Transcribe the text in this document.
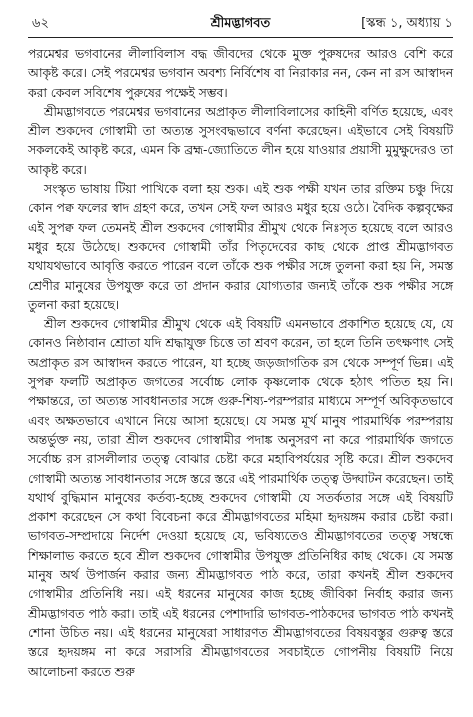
৬২	শ্রীমদ্ভাগবত	[স্কন্ধ ১, অধ্যায় ১

পরমেশ্বর ভগবানের লীলাবিলাস বদ্ধ জীবদের থেকে মুক্ত পুরুষদের আরও বেশি করে আকৃষ্ট করে। সেই পরমেশ্বর ভগবান অবশ্য নির্বিশেষ বা নিরাকার নন, কেন না রস আস্বাদন করা কেবল সবিশেষ পুরুষের পক্ষেই সম্ভব।

শ্রীমদ্ভাগবতে পরমেশ্বর ভগবানের অপ্রাকৃত লীলাবিলাসের কাহিনী বর্ণিত হয়েছে, এবং শ্রীল শুকদেব গোস্বামী তা অত্যন্ত সুসংবদ্ধভাবে বর্ণনা করেছেন। এইভাবে সেই বিষয়টি সকলকেই আকৃষ্ট করে, এমন কি ব্রহ্ম-জ্যোতিতে লীন হয়ে যাওয়ার প্রয়াসী মুমুক্ষুদেরও তা আকৃষ্ট করে।

সংস্কৃত ভাষায় টিয়া পাখিকে বলা হয় শুক। এই শুক পক্ষী যখন তার রক্তিম চঞ্চু দিয়ে কোন পক্ব ফলের স্বাদ গ্রহণ করে, তখন সেই ফল আরও মধুর হয়ে ওঠে। বৈদিক কল্পবৃক্ষের এই সুপক্ব ফল তেমনই শ্রীল শুকদেব গোস্বামীর শ্রীমুখ থেকে নিঃসৃত হয়েছে বলে আরও মধুর হয়ে উঠেছে। শুকদেব গোস্বামী তাঁর পিতৃদেবের কাছ থেকে প্রাপ্ত শ্রীমদ্ভাগবত যথাযথভাবে আবৃত্তি করতে পারেন বলে তাঁকে শুক পক্ষীর সঙ্গে তুলনা করা হয় নি, সমস্ত শ্রেণীর মানুষের উপযুক্ত করে তা প্রদান করার যোগ্যতার জন্যই তাঁকে শুক পক্ষীর সঙ্গে তুলনা করা হয়েছে।

শ্রীল শুকদেব গোস্বামীর শ্রীমুখ থেকে এই বিষয়টি এমনভাবে প্রকাশিত হয়েছে যে, যে কোনও নিষ্ঠাবান শ্রোতা যদি শ্রদ্ধাযুক্ত চিত্তে তা শ্রবণ করেন, তা হলে তিনি তৎক্ষণাৎ সেই অপ্রাকৃত রস আস্বাদন করতে পারেন, যা হচ্ছে জড়জাগতিক রস থেকে সম্পূর্ণ ভিন্ন। এই সুপক্ব ফলটি অপ্রাকৃত জগতের সর্বোচ্চ লোক কৃষ্ণলোক থেকে হঠাৎ পতিত হয় নি। পক্ষান্তরে, তা অত্যন্ত সাবধানতার সঙ্গে গুরু-শিষ্য-পরম্পরার মাধ্যমে সম্পূর্ণ অবিকৃতভাবে এবং অক্ষতভাবে এখানে নিয়ে আসা হয়েছে। যে সমস্ত মূর্খ মানুষ পারমার্থিক পরম্পরায় অন্তর্ভুক্ত নয়, তারা শ্রীল শুকদেব গোস্বামীর পদাঙ্ক অনুসরণ না করে পারমার্থিক জগতে সর্বোচ্চ রস রাসলীলার তত্ত্ব বোঝার চেষ্টা করে মহাবিপর্যয়ের সৃষ্টি করে। শ্রীল শুকদেব গোস্বামী অত্যন্ত সাবধানতার সঙ্গে স্তরে স্তরে এই পারমার্থিক তত্ত্ব উদ্ঘাটন করেছেন। তাই যথার্থ বুদ্ধিমান মানুষের কর্তব্য-হচ্ছে শুকদেব গোস্বামী যে সতর্কতার সঙ্গে এই বিষয়টি প্রকাশ করেছেন সে কথা বিবেচনা করে শ্রীমদ্ভাগবতের মহিমা হৃদয়ঙ্গম করার চেষ্টা করা। ভাগবত-সম্প্রদায়ে নির্দেশ দেওয়া হয়েছে যে, ভবিষ্যতেও শ্রীমদ্ভাগবতের তত্ত্ব সম্বন্ধে শিক্ষালাভ করতে হবে শ্রীল শুকদেব গোস্বামীর উপযুক্ত প্রতিনিধির কাছ থেকে। যে সমস্ত মানুষ অর্থ উপার্জন করার জন্য শ্রীমদ্ভাগবত পাঠ করে, তারা কখনই শ্রীল শুকদেব গোস্বামীর প্রতিনিধি নয়। এই ধরনের মানুষের কাজ হচ্ছে জীবিকা নির্বাহ করার জন্য শ্রীমদ্ভাগবত পাঠ করা। তাই এই ধরনের পেশাদারি ভাগবত-পাঠকদের ভাগবত পাঠ কখনই শোনা উচিত নয়। এই ধরনের মানুষেরা সাধারণত শ্রীমদ্ভাগবতের বিষয়বস্তুর গুরুত্ব স্তরে স্তরে হৃদয়ঙ্গম না করে সরাসরি শ্রীমদ্ভাগবতের সবচাইতে গোপনীয় বিষয়টি নিয়ে আলোচনা করতে শুরু
